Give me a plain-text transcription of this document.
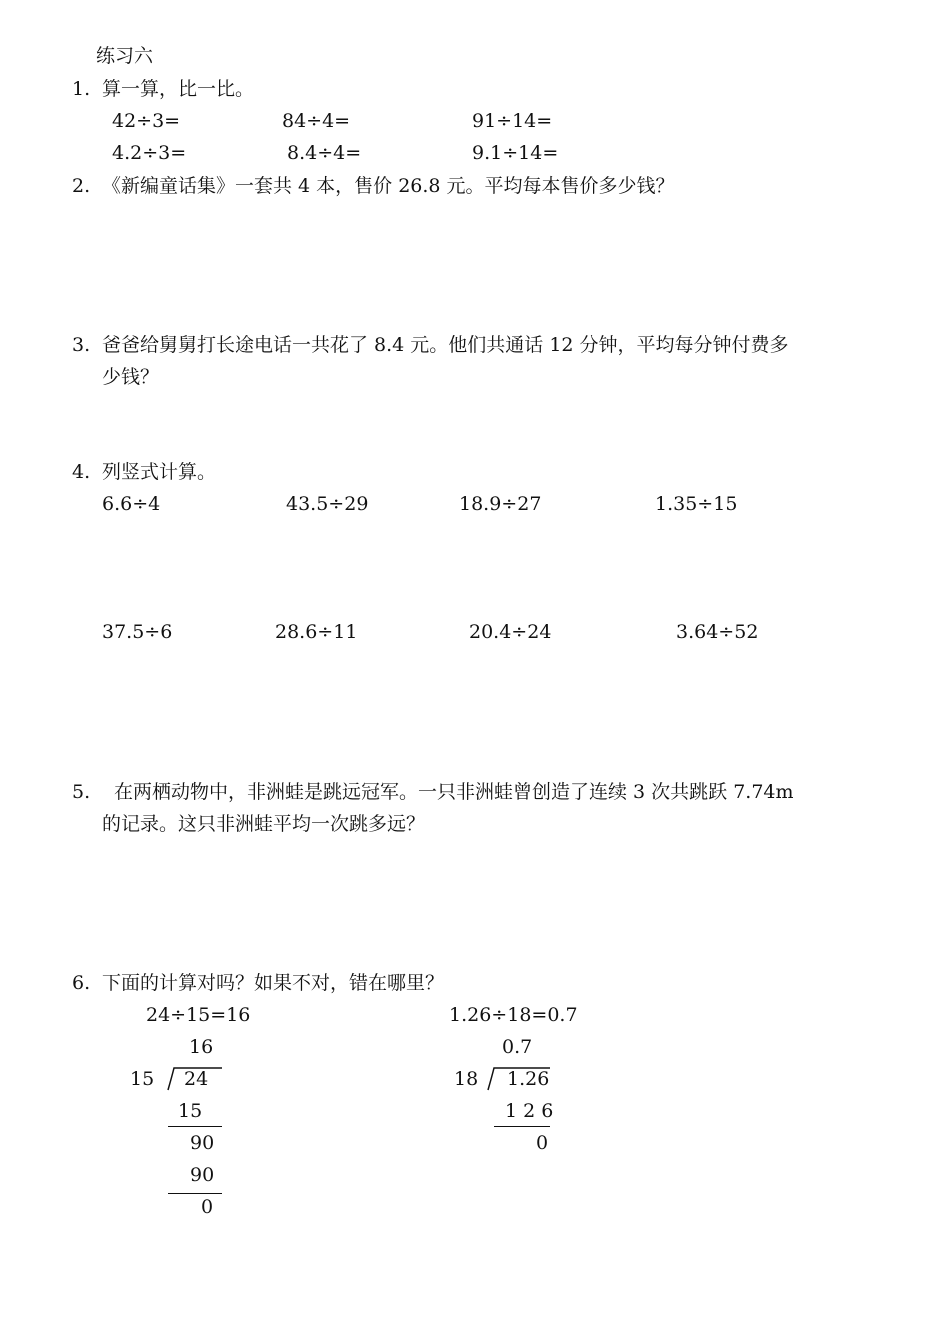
练习六
1. 算一算，比一比。
42÷3=	84÷4=	91÷14=
4.2÷3=	8.4÷4=	9.1÷14=
2. 《新编童话集》一套共 4 本，售价 26.8 元。平均每本售价多少钱？
3. 爸爸给舅舅打长途电话一共花了 8.4 元。他们共通话 12 分钟，平均每分钟付费多
少钱？
4. 列竖式计算。
6.6÷4	43.5÷29	18.9÷27	1.35÷15
37.5÷6	28.6÷11	20.4÷24	3.64÷52
5. 在两栖动物中，非洲蛙是跳远冠军。一只非洲蛙曾创造了连续 3 次共跳跃 7.74m
的记录。这只非洲蛙平均一次跳多远？
6. 下面的计算对吗？如果不对，错在哪里？
24÷15=16
16
15 24
15
90
90
0
1.26÷18=0.7
0.7
18 1.26
1 2 6
0
